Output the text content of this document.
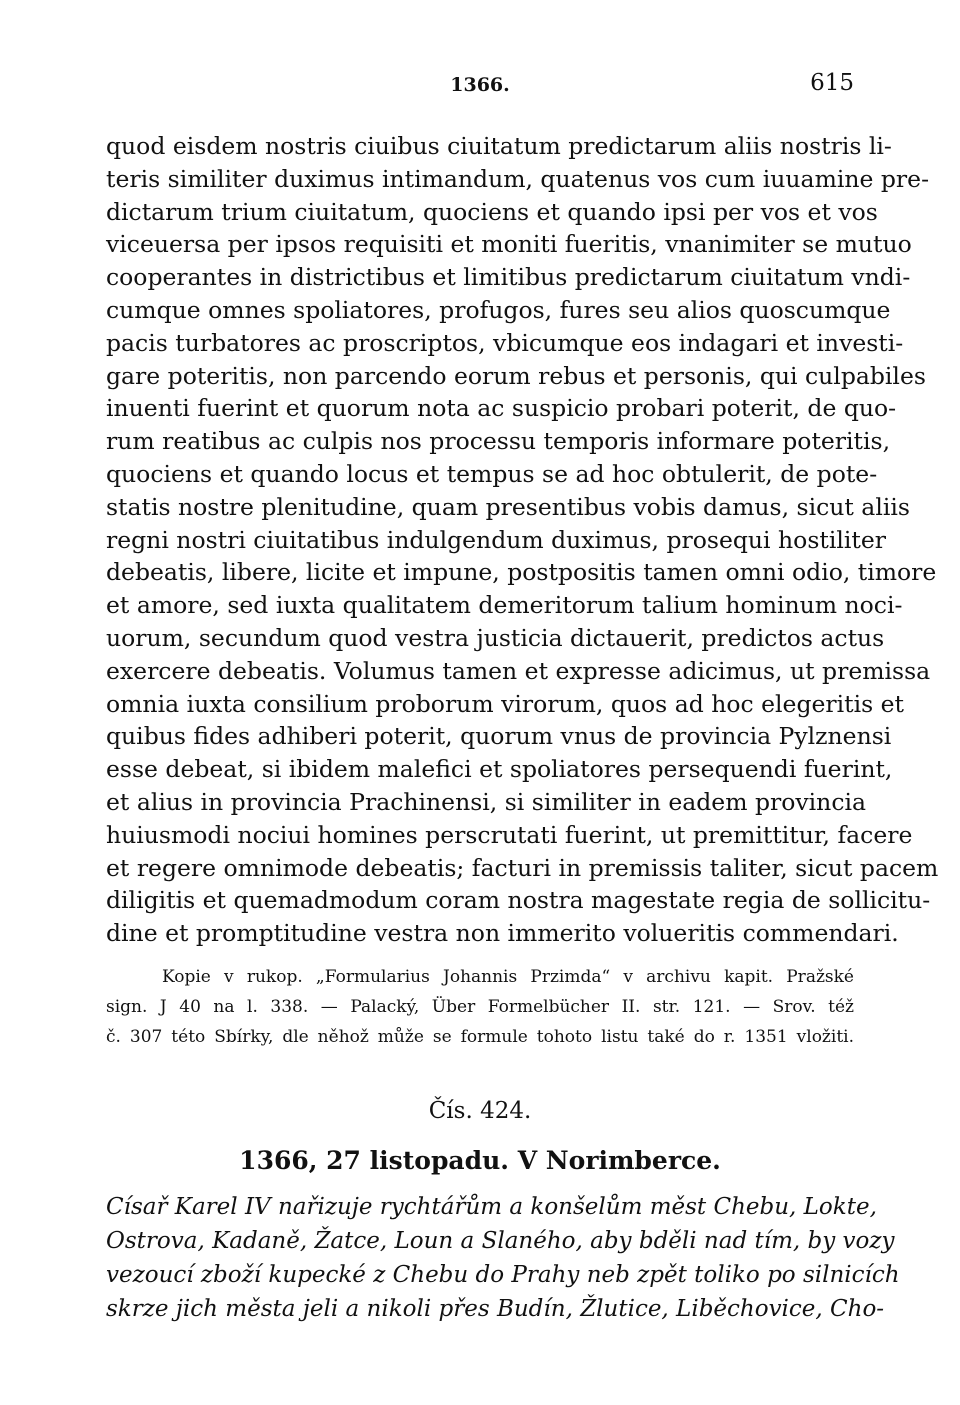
1366.	615
quod eisdem nostris ciuibus ciuitatum predictarum aliis nostris li-
teris similiter duximus intimandum, quatenus vos cum iuuamine pre-
dictarum trium ciuitatum, quociens et quando ipsi per vos et vos
viceuersa per ipsos requisiti et moniti fueritis, vnanimiter se mutuo
cooperantes in districtibus et limitibus predictarum ciuitatum vndi-
cumque omnes spoliatores, profugos, fures seu alios quoscumque
pacis turbatores ac proscriptos, vbicumque eos indagari et investi-
gare poteritis, non parcendo eorum rebus et personis, qui culpabiles
inuenti fuerint et quorum nota ac suspicio probari poterit, de quo-
rum reatibus ac culpis nos processu temporis informare poteritis,
quociens et quando locus et tempus se ad hoc obtulerit, de pote-
statis nostre plenitudine, quam presentibus vobis damus, sicut aliis
regni nostri ciuitatibus indulgendum duximus, prosequi hostiliter
debeatis, libere, licite et impune, postpositis tamen omni odio, timore
et amore, sed iuxta qualitatem demeritorum talium hominum noci-
uorum, secundum quod vestra justicia dictauerit, predictos actus
exercere debeatis. Volumus tamen et expresse adicimus, ut premissa
omnia iuxta consilium proborum virorum, quos ad hoc elegeritis et
quibus fides adhiberi poterit, quorum vnus de provincia Pylznensi
esse debeat, si ibidem malefici et spoliatores persequendi fuerint,
et alius in provincia Prachinensi, si similiter in eadem provincia
huiusmodi nociui homines perscrutati fuerint, ut premittitur, facere
et regere omnimode debeatis; facturi in premissis taliter, sicut pacem
diligitis et quemadmodum coram nostra magestate regia de sollicitu-
dine et promptitudine vestra non immerito volueritis commendari.
Kopie v rukop. „Formularius Johannis Przimda“ v archivu kapit. Pražské
sign. J 40 na l. 338. — Palacký, Über Formelbücher II. str. 121. — Srov. též
č. 307 této Sbírky, dle něhož může se formule tohoto listu také do r. 1351 vložiti.
Čís. 424.
1366, 27 listopadu. V Norimberce.
Císař Karel IV nařizuje rychtářům a konšelům měst Chebu, Lokte,
Ostrova, Kadaně, Žatce, Loun a Slaného, aby bděli nad tím, by vozy
vezoucí zboží kupecké z Chebu do Prahy neb zpět toliko po silnicích
skrze jich města jeli a nikoli přes Budín, Žlutice, Liběchovice, Cho-
